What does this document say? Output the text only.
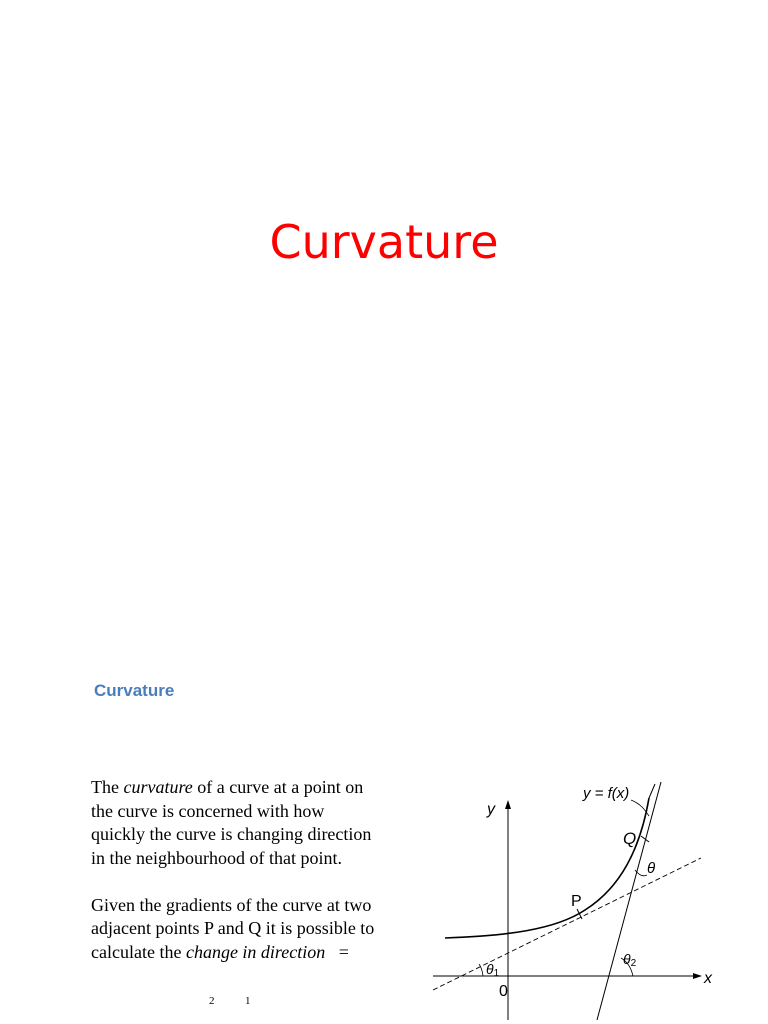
Curvature
Curvature

The curvature of a curve at a point on the curve is concerned with how quickly the curve is changing direction in the neighbourhood of that point.

Given the gradients of the curve at two adjacent points P and Q it is possible to calculate the change in direction   =

2	1
y
x
0
y = f(x)
P
Q
θ
θ1
θ2
